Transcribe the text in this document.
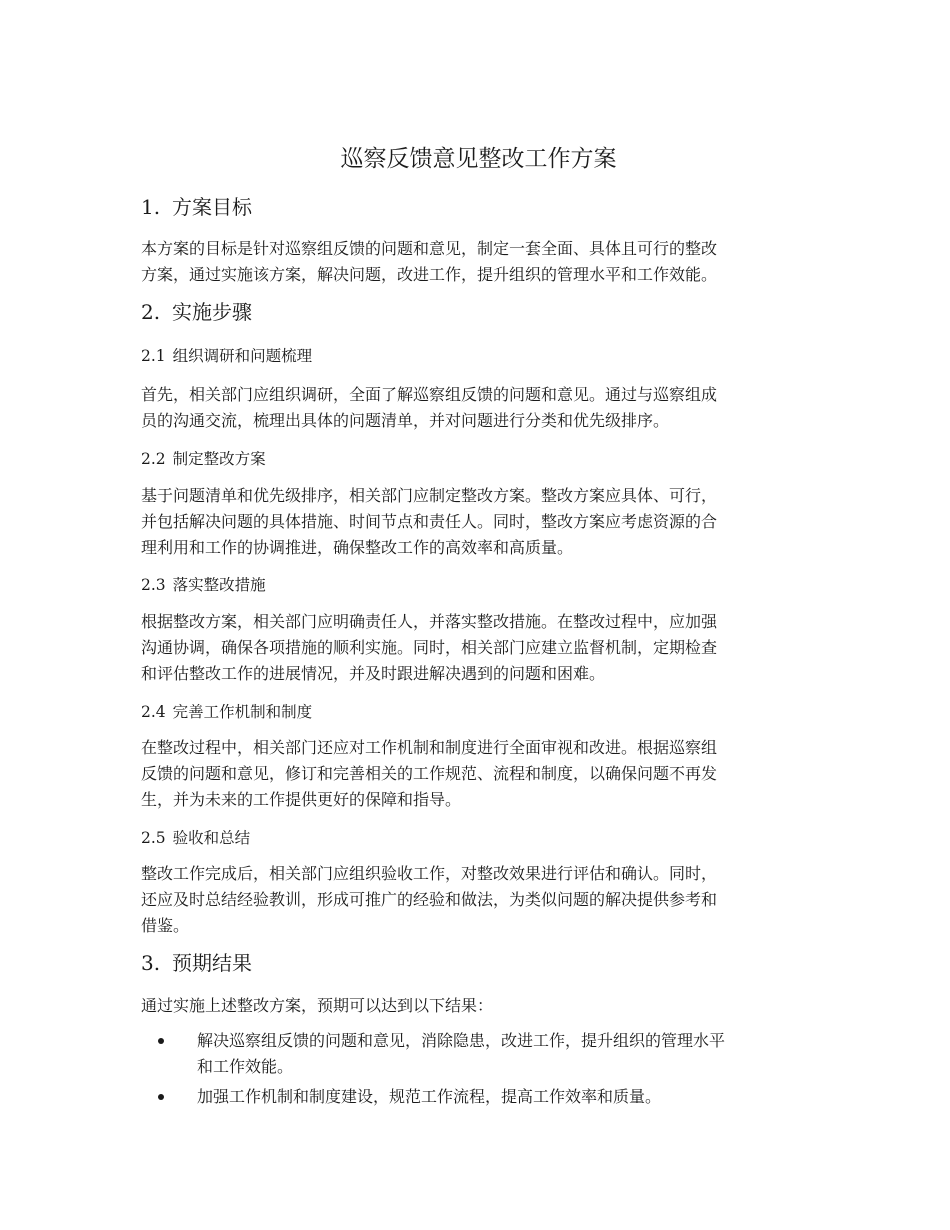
巡察反馈意见整改工作方案
1. 方案目标

本方案的目标是针对巡察组反馈的问题和意见，制定一套全面、具体且可行的整改
方案，通过实施该方案，解决问题，改进工作，提升组织的管理水平和工作效能。

2. 实施步骤
2.1 组织调研和问题梳理

首先，相关部门应组织调研，全面了解巡察组反馈的问题和意见。通过与巡察组成
员的沟通交流，梳理出具体的问题清单，并对问题进行分类和优先级排序。

2.2 制定整改方案

基于问题清单和优先级排序，相关部门应制定整改方案。整改方案应具体、可行，
并包括解决问题的具体措施、时间节点和责任人。同时，整改方案应考虑资源的合
理利用和工作的协调推进，确保整改工作的高效率和高质量。

2.3 落实整改措施

根据整改方案，相关部门应明确责任人，并落实整改措施。在整改过程中，应加强
沟通协调，确保各项措施的顺利实施。同时，相关部门应建立监督机制，定期检查
和评估整改工作的进展情况，并及时跟进解决遇到的问题和困难。

2.4 完善工作机制和制度

在整改过程中，相关部门还应对工作机制和制度进行全面审视和改进。根据巡察组
反馈的问题和意见，修订和完善相关的工作规范、流程和制度，以确保问题不再发
生，并为未来的工作提供更好的保障和指导。

2.5 验收和总结

整改工作完成后，相关部门应组织验收工作，对整改效果进行评估和确认。同时，
还应及时总结经验教训，形成可推广的经验和做法，为类似问题的解决提供参考和
借鉴。

3. 预期结果

通过实施上述整改方案，预期可以达到以下结果：

解决巡察组反馈的问题和意见，消除隐患，改进工作，提升组织的管理水平
和工作效能。
加强工作机制和制度建设，规范工作流程，提高工作效率和质量。
